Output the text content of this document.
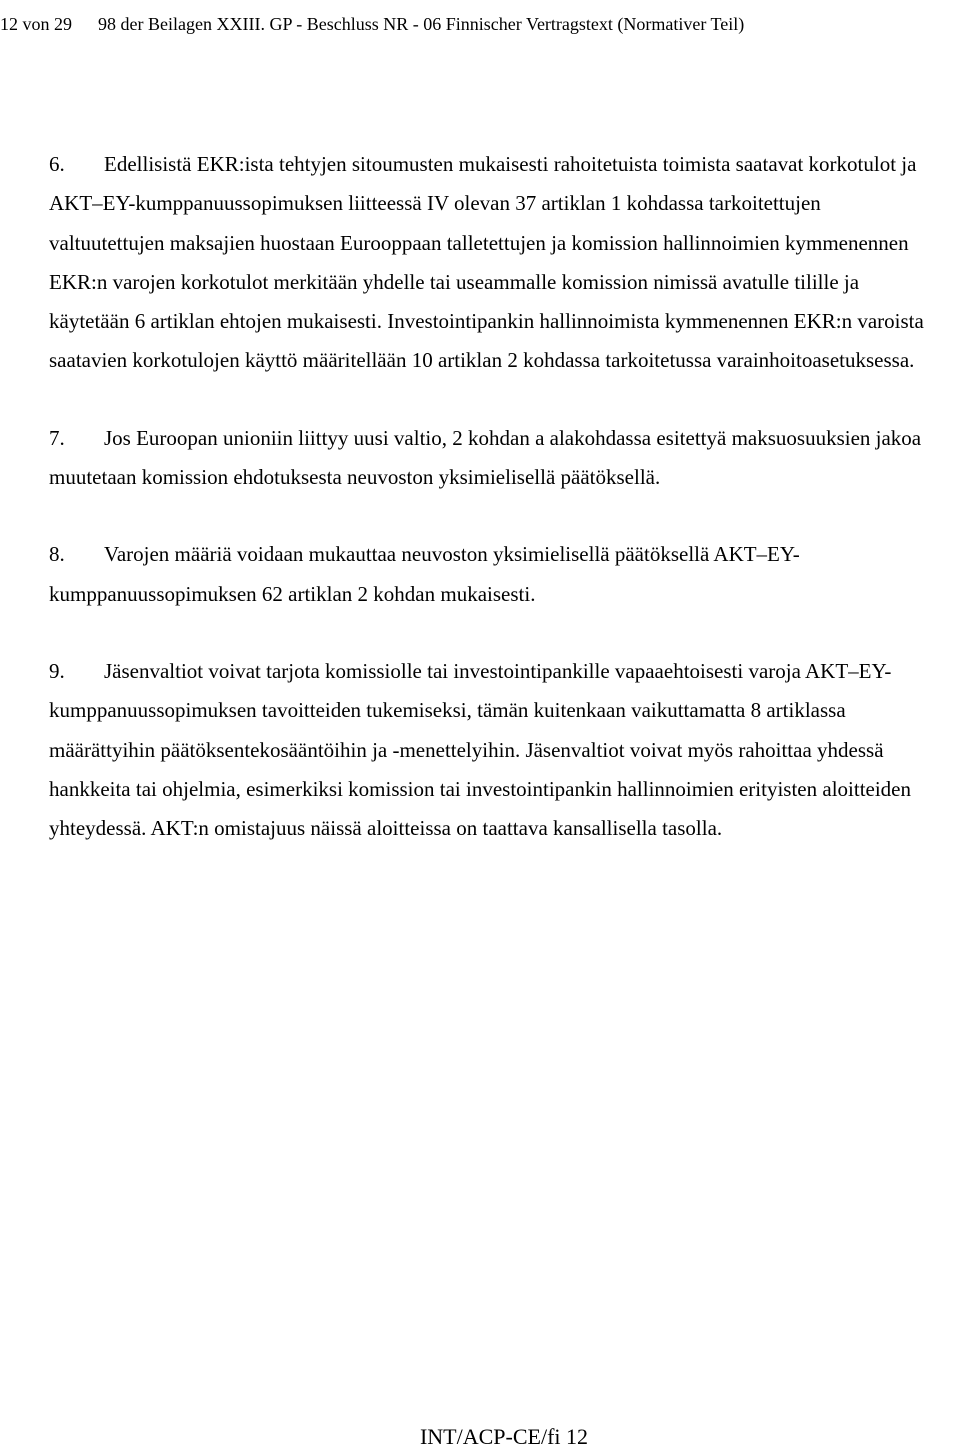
12 von 29 98 der Beilagen XXIII. GP - Beschluss NR - 06 Finnischer Vertragstext (Normativer Teil)

6. Edellisistä EKR:ista tehtyjen sitoumusten mukaisesti rahoitetuista toimista saatavat korkotulot ja AKT–EY-kumppanuussopimuksen liitteessä IV olevan 37 artiklan 1 kohdassa tarkoitettujen valtuutettujen maksajien huostaan Eurooppaan talletettujen ja komission hallinnoimien kymmenennen EKR:n varojen korkotulot merkitään yhdelle tai useammalle komission nimissä avatulle tilille ja käytetään 6 artiklan ehtojen mukaisesti. Investointipankin hallinnoimista kymmenennen EKR:n varoista saatavien korkotulojen käyttö määritellään 10 artiklan 2 kohdassa tarkoitetussa varainhoitoasetuksessa.

7. Jos Euroopan unioniin liittyy uusi valtio, 2 kohdan a alakohdassa esitettyä maksuosuuksien jakoa muutetaan komission ehdotuksesta neuvoston yksimielisellä päätöksellä.

8. Varojen määriä voidaan mukauttaa neuvoston yksimielisellä päätöksellä AKT–EY-kumppanuussopimuksen 62 artiklan 2 kohdan mukaisesti.

9. Jäsenvaltiot voivat tarjota komissiolle tai investointipankille vapaaehtoisesti varoja AKT–EY-kumppanuussopimuksen tavoitteiden tukemiseksi, tämän kuitenkaan vaikuttamatta 8 artiklassa määrättyihin päätöksentekosääntöihin ja -menettelyihin. Jäsenvaltiot voivat myös rahoittaa yhdessä hankkeita tai ohjelmia, esimerkiksi komission tai investointipankin hallinnoimien erityisten aloitteiden yhteydessä. AKT:n omistajuus näissä aloitteissa on taattava kansallisella tasolla.

INT/ACP-CE/fi 12
